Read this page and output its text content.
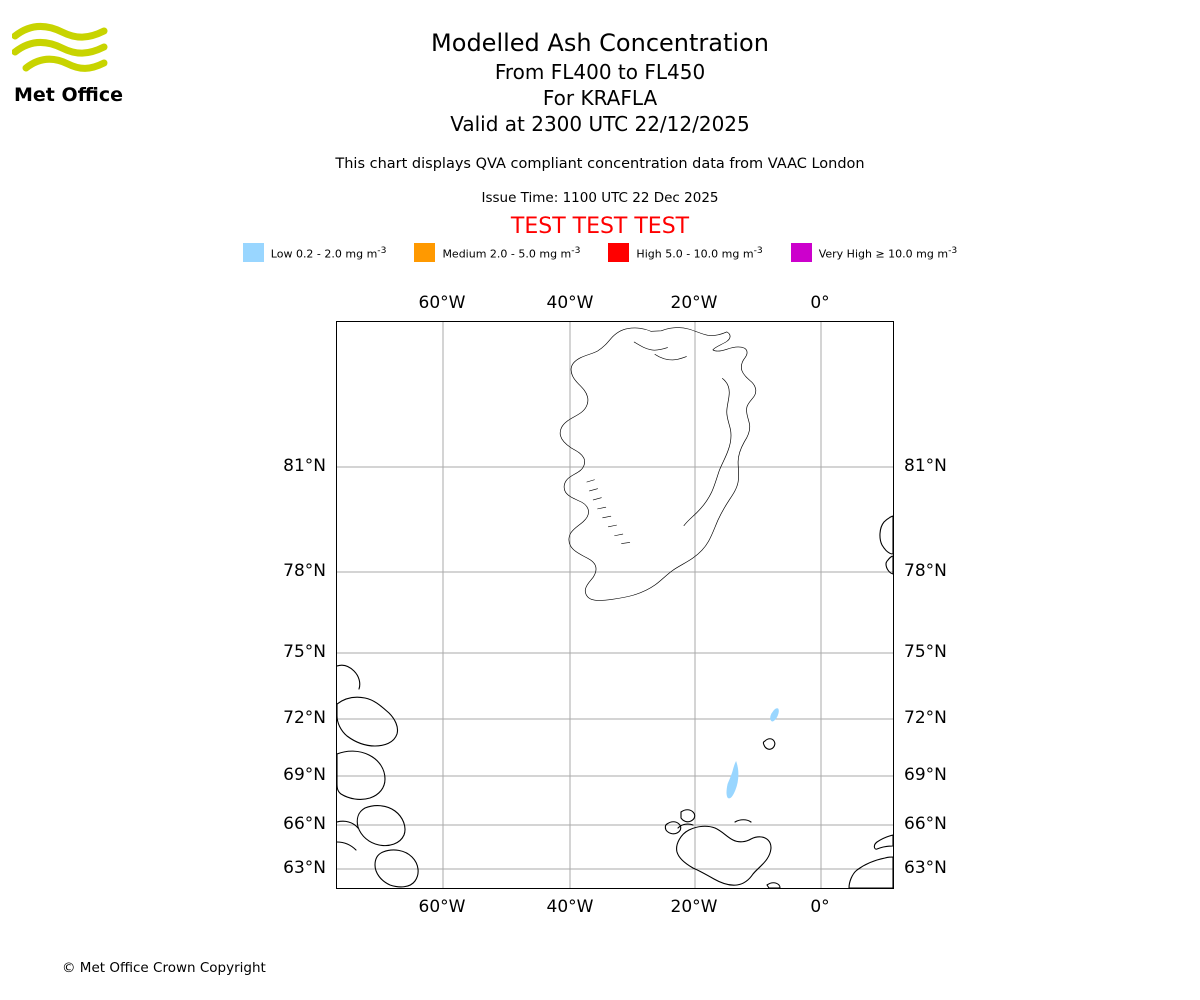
Met Office
Modelled Ash Concentration
From FL400 to FL450
For KRAFLA
Valid at 2300 UTC 22/12/2025
This chart displays QVA compliant concentration data from VAAC London
Issue Time: 1100 UTC 22 Dec 2025
TEST TEST TEST
Low 0.2 - 2.0 mg $m^{-3}$	Medium 2.0 - 5.0 mg $m^{-3}$	High 5.0 - 10.0 mg $m^{-3}$	Very High ≥ 10.0 mg $m^{-3}$
60°W	40°W	20°W	0°
60°W	40°W	20°W	0°
81°N
78°N
75°N
72°N
69°N
66°N
63°N
81°N
78°N
75°N
72°N
69°N
66°N
63°N
© Met Office Crown Copyright
